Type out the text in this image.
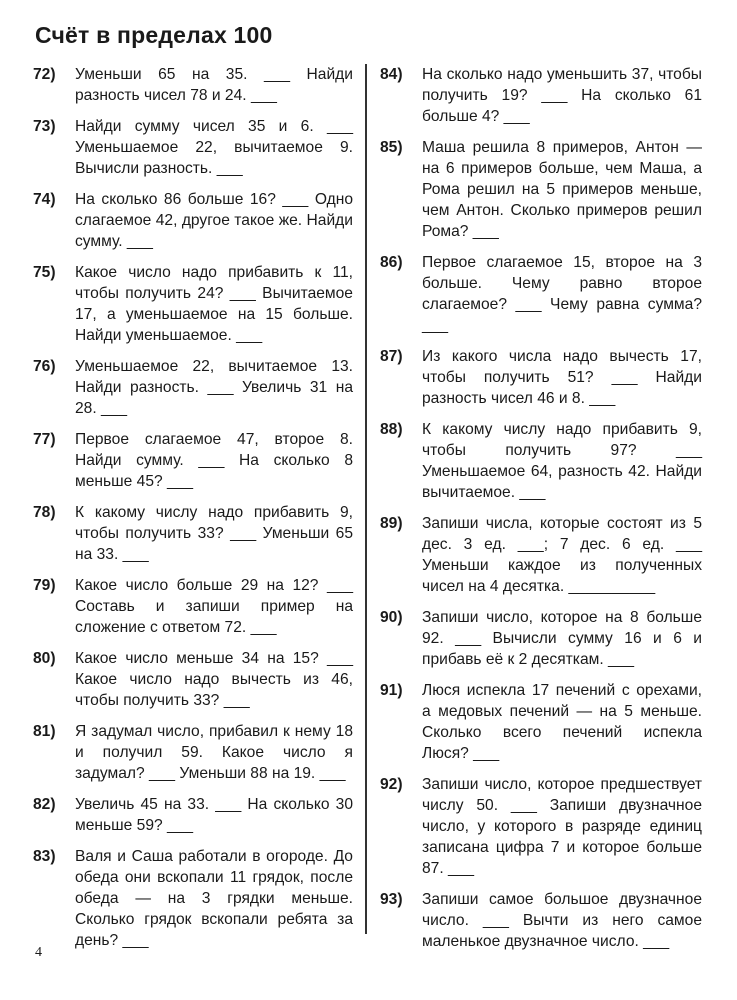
Счёт в пределах 100
72) Уменьши 65 на 35. ___ Найди разность чисел 78 и 24. ___
73) Найди сумму чисел 35 и 6. ___ Уменьшаемое 22, вычитаемое 9. Вычисли разность. ___
74) На сколько 86 больше 16? ___ Одно слагаемое 42, другое такое же. Найди сумму. ___
75) Какое число надо прибавить к 11, чтобы получить 24? ___ Вычитаемое 17, а уменьшаемое на 15 больше. Найди уменьшаемое. ___
76) Уменьшаемое 22, вычитаемое 13. Найди разность. ___ Увеличь 31 на 28. ___
77) Первое слагаемое 47, второе 8. Найди сумму. ___ На сколько 8 меньше 45? ___
78) К какому числу надо прибавить 9, чтобы получить 33? ___ Уменьши 65 на 33. ___
79) Какое число больше 29 на 12? ___ Составь и запиши пример на сложение с ответом 72. ___
80) Какое число меньше 34 на 15? ___ Какое число надо вычесть из 46, чтобы получить 33? ___
81) Я задумал число, прибавил к нему 18 и получил 59. Какое число я задумал? ___ Уменьши 88 на 19. ___
82) Увеличь 45 на 33. ___ На сколько 30 меньше 59? ___
83) Валя и Саша работали в огороде. До обеда они вскопали 11 грядок, после обеда — на 3 грядки меньше. Сколько грядок вскопали ребята за день? ___
84) На сколько надо уменьшить 37, чтобы получить 19? ___ На сколько 61 больше 4? ___
85) Маша решила 8 примеров, Антон — на 6 примеров больше, чем Маша, а Рома решил на 5 примеров меньше, чем Антон. Сколько примеров решил Рома? ___
86) Первое слагаемое 15, второе на 3 больше. Чему равно второе слагаемое? ___ Чему равна сумма? ___
87) Из какого числа надо вычесть 17, чтобы получить 51? ___ Найди разность чисел 46 и 8. ___
88) К какому числу надо прибавить 9, чтобы получить 97? ___ Уменьшаемое 64, разность 42. Найди вычитаемое. ___
89) Запиши числа, которые состоят из 5 дес. 3 ед. ___; 7 дес. 6 ед. ___ Уменьши каждое из полученных чисел на 4 десятка. __________
90) Запиши число, которое на 8 больше 92. ___ Вычисли сумму 16 и 6 и прибавь её к 2 десяткам. ___
91) Люся испекла 17 печений с орехами, а медовых печений — на 5 меньше. Сколько всего печений испекла Люся? ___
92) Запиши число, которое предшествует числу 50. ___ Запиши двузначное число, у которого в разряде единиц записана цифра 7 и которое больше 87. ___
93) Запиши самое большое двузначное число. ___ Вычти из него самое маленькое двузначное число. ___
4
